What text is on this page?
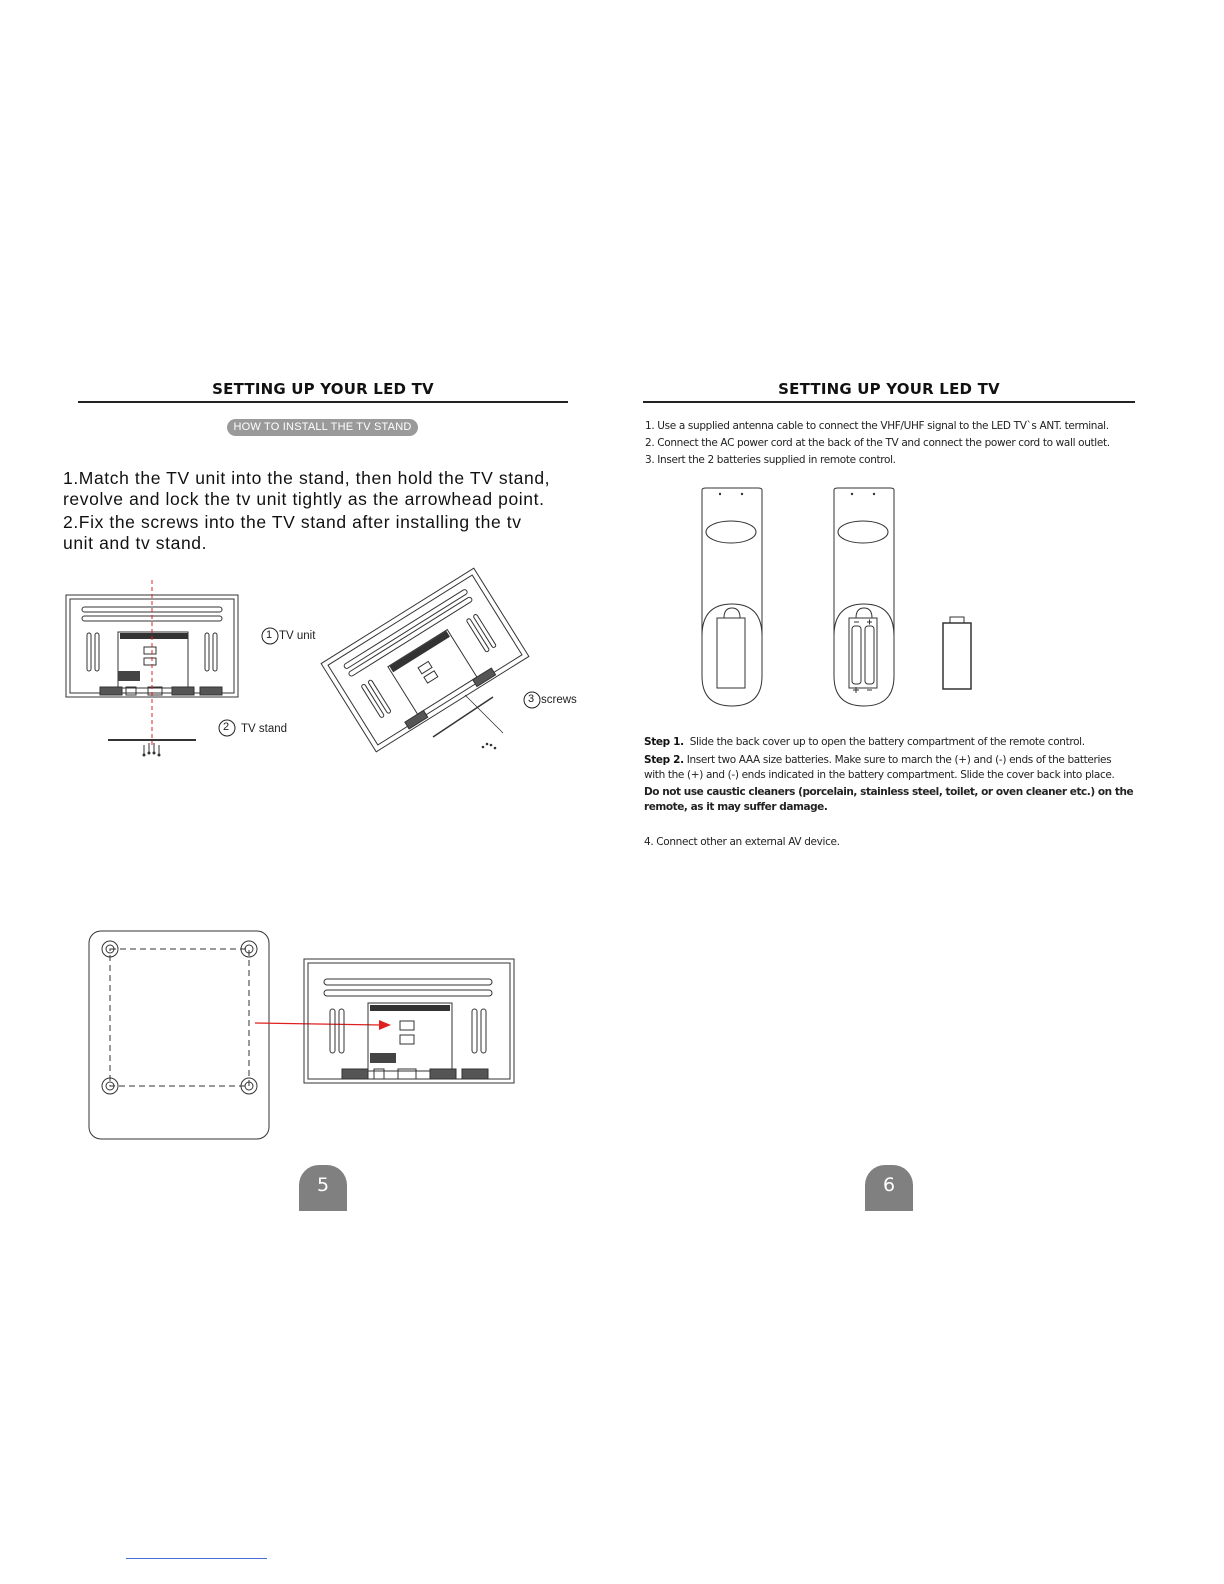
SETTING UP YOUR LED TV
HOW TO INSTALL THE TV STAND
1.Match the TV unit into the stand, then hold the TV stand,
revolve and lock the tv unit tightly as the arrowhead point.
2.Fix the screws into the TV stand after installing the tv
unit and tv stand.
1 TV unit
2 TV stand
3 screws
5
SETTING UP YOUR LED TV
1. Use a supplied antenna cable to connect the VHF/UHF signal to the LED TV`s ANT. terminal.
2. Connect the AC power cord at the back of the TV and connect the power cord to wall outlet.
3. Insert the 2 batteries supplied in remote control.
Step 1. Slide the back cover up to open the battery compartment of the remote control.
Step 2. Insert two AAA size batteries. Make sure to march the (+) and (-) ends of the batteries
with the (+) and (-) ends indicated in the battery compartment. Slide the cover back into place.
Do not use caustic cleaners (porcelain, stainless steel, toilet, or oven cleaner etc.) on the
remote, as it may suffer damage.
4. Connect other an external AV device.
6
